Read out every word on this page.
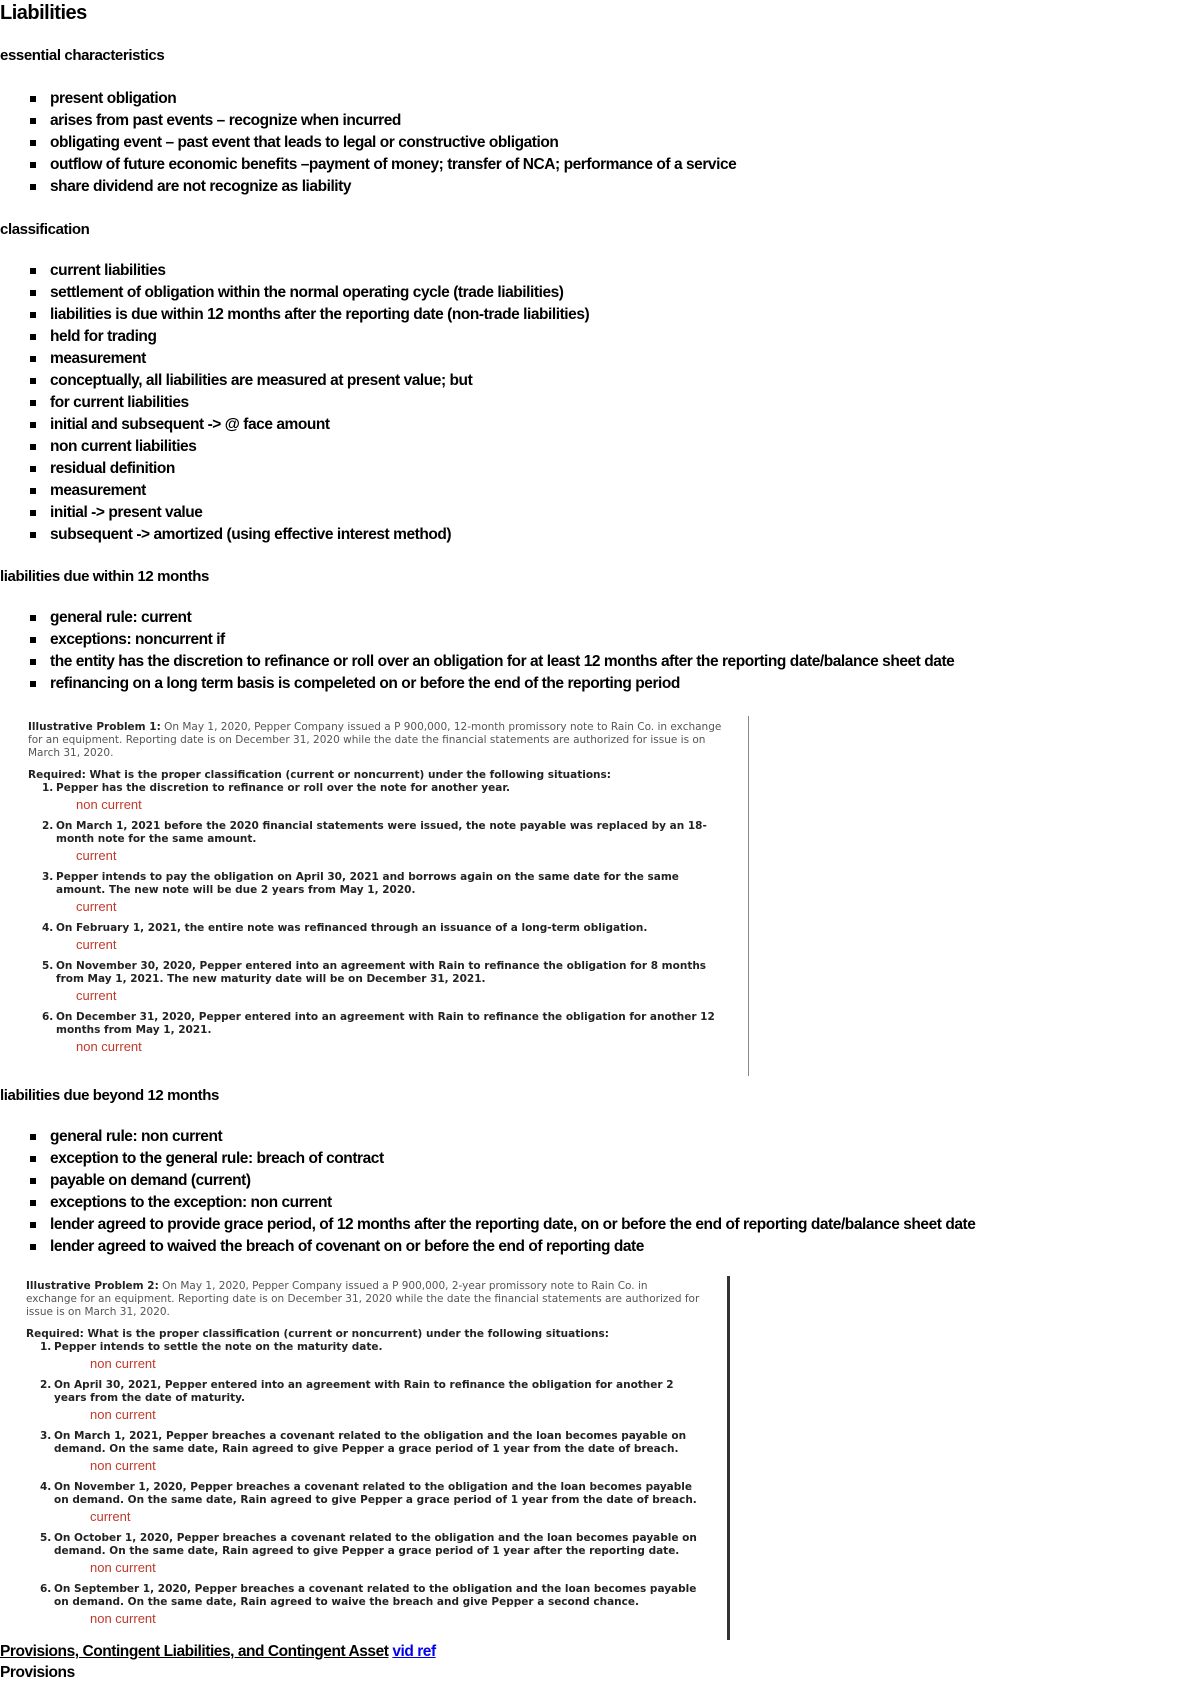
Liabilities
essential characteristics
present obligation
arises from past events – recognize when incurred
obligating event – past event that leads to legal or constructive obligation
outflow of future economic benefits –payment of money; transfer of NCA; performance of a service
share dividend are not recognize as liability
classification
current liabilities
settlement of obligation within the normal operating cycle (trade liabilities)
liabilities is due within 12 months after the reporting date (non-trade liabilities)
held for trading
measurement
conceptually, all liabilities are measured at present value; but
for current liabilities
initial and subsequent -> @ face amount
non current liabilities
residual definition
measurement
initial -> present value
subsequent -> amortized (using effective interest method)
liabilities due within 12 months
general rule: current
exceptions: noncurrent if
the entity has the discretion to refinance or roll over an obligation for at least 12 months after the reporting date/balance sheet date
refinancing on a long term basis is compeleted on or before the end of the reporting period
Illustrative Problem 1: On May 1, 2020, Pepper Company issued a P 900,000, 12-month promissory note to Rain Co. in exchange for an equipment. Reporting date is on December 31, 2020 while the date the financial statements are authorized for issue is on March 31, 2020.
Required: What is the proper classification (current or noncurrent) under the following situations:
1. Pepper has the discretion to refinance or roll over the note for another year.
non current
2. On March 1, 2021 before the 2020 financial statements were issued, the note payable was replaced by an 18-month note for the same amount.
current
3. Pepper intends to pay the obligation on April 30, 2021 and borrows again on the same date for the same amount. The new note will be due 2 years from May 1, 2020.
current
4. On February 1, 2021, the entire note was refinanced through an issuance of a long-term obligation.
current
5. On November 30, 2020, Pepper entered into an agreement with Rain to refinance the obligation for 8 months from May 1, 2021. The new maturity date will be on December 31, 2021.
current
6. On December 31, 2020, Pepper entered into an agreement with Rain to refinance the obligation for another 12 months from May 1, 2021.
non current
liabilities due beyond 12 months
general rule: non current
exception to the general rule: breach of contract
payable on demand (current)
exceptions to the exception: non current
lender agreed to provide grace period, of 12 months after the reporting date, on or before the end of reporting date/balance sheet date
lender agreed to waived the breach of covenant on or before the end of reporting date
Illustrative Problem 2: On May 1, 2020, Pepper Company issued a P 900,000, 2-year promissory note to Rain Co. in exchange for an equipment. Reporting date is on December 31, 2020 while the date the financial statements are authorized for issue is on March 31, 2020.
Required: What is the proper classification (current or noncurrent) under the following situations:
1. Pepper intends to settle the note on the maturity date.
non current
2. On April 30, 2021, Pepper entered into an agreement with Rain to refinance the obligation for another 2 years from the date of maturity.
non current
3. On March 1, 2021, Pepper breaches a covenant related to the obligation and the loan becomes payable on demand. On the same date, Rain agreed to give Pepper a grace period of 1 year from the date of breach.
non current
4. On November 1, 2020, Pepper breaches a covenant related to the obligation and the loan becomes payable on demand. On the same date, Rain agreed to give Pepper a grace period of 1 year from the date of breach.
current
5. On October 1, 2020, Pepper breaches a covenant related to the obligation and the loan becomes payable on demand. On the same date, Rain agreed to give Pepper a grace period of 1 year after the reporting date.
non current
6. On September 1, 2020, Pepper breaches a covenant related to the obligation and the loan becomes payable on demand. On the same date, Rain agreed to waive the breach and give Pepper a second chance.
non current
Provisions, Contingent Liabilities, and Contingent Asset vid ref
Provisions
